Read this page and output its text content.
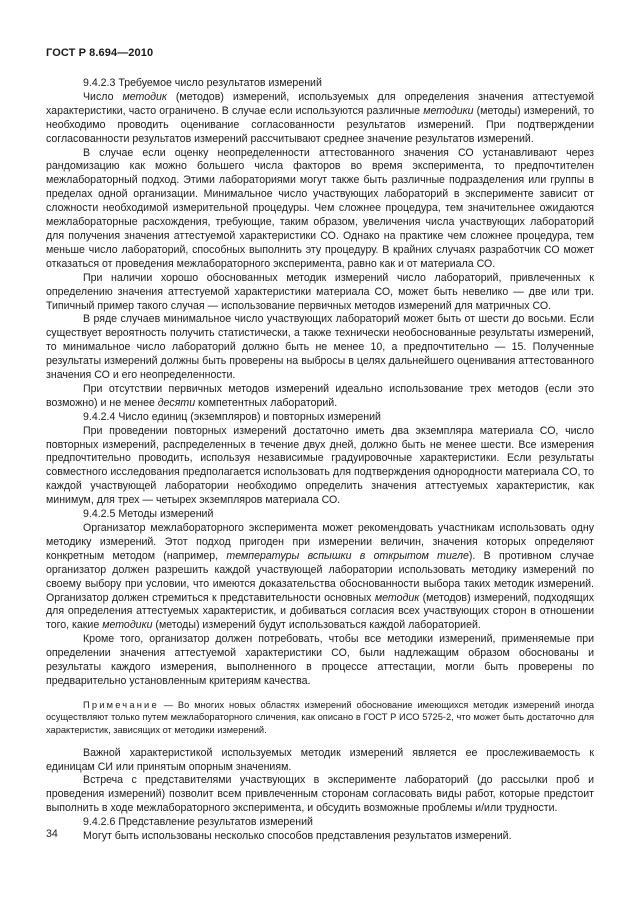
ГОСТ Р 8.694—2010
9.4.2.3 Требуемое число результатов измерений

Число методик (методов) измерений, используемых для определения значения аттестуемой характеристики, часто ограничено. В случае если используются различные методики (методы) измерений, то необходимо проводить оценивание согласованности результатов измерений. При подтверждении согласованности результатов измерений рассчитывают среднее значение результатов измерений.

В случае если оценку неопределенности аттестованного значения СО устанавливают через рандомизацию как можно большего числа факторов во время эксперимента, то предпочтителен межлабораторный подход. Этими лабораториями могут также быть различные подразделения или группы в пределах одной организации. Минимальное число участвующих лабораторий в эксперименте зависит от сложности необходимой измерительной процедуры. Чем сложнее процедура, тем значительнее ожидаются межлабораторные расхождения, требующие, таким образом, увеличения числа участвующих лабораторий для получения значения аттестуемой характеристики СО. Однако на практике чем сложнее процедура, тем меньше число лабораторий, способных выполнить эту процедуру. В крайних случаях разработчик СО может отказаться от проведения межлабораторного эксперимента, равно как и от материала СО.

При наличии хорошо обоснованных методик измерений число лабораторий, привлеченных к определению значения аттестуемой характеристики материала СО, может быть невелико — две или три. Типичный пример такого случая — использование первичных методов измерений для матричных СО.

В ряде случаев минимальное число участвующих лабораторий может быть от шести до восьми. Если существует вероятность получить статистически, а также технически необоснованные результаты измерений, то минимальное число лабораторий должно быть не менее 10, а предпочтительно — 15. Полученные результаты измерений должны быть проверены на выбросы в целях дальнейшего оценивания аттестованного значения СО и его неопределенности.

При отсутствии первичных методов измерений идеально использование трех методов (если это возможно) и не менее десяти компетентных лабораторий.

9.4.2.4 Число единиц (экземпляров) и повторных измерений

При проведении повторных измерений достаточно иметь два экземпляра материала СО, число повторных измерений, распределенных в течение двух дней, должно быть не менее шести. Все измерения предпочтительно проводить, используя независимые градуировочные характеристики. Если результаты совместного исследования предполагается использовать для подтверждения однородности материала СО, то каждой участвующей лаборатории необходимо определить значения аттестуемых характеристик, как минимум, для трех — четырех экземпляров материала СО.

9.4.2.5 Методы измерений

Организатор межлабораторного эксперимента может рекомендовать участникам использовать одну методику измерений. Этот подход пригоден при измерении величин, значения которых определяют конкретным методом (например, температуры вспышки в открытом тигле). В противном случае организатор должен разрешить каждой участвующей лаборатории использовать методику измерений по своему выбору при условии, что имеются доказательства обоснованности выбора таких методик измерений. Организатор должен стремиться к представительности основных методик (методов) измерений, подходящих для определения аттестуемых характеристик, и добиваться согласия всех участвующих сторон в отношении того, какие методики (методы) измерений будут использоваться каждой лабораторией.

Кроме того, организатор должен потребовать, чтобы все методики измерений, применяемые при определении значения аттестуемой характеристики СО, были надлежащим образом обоснованы и результаты каждого измерения, выполненного в процессе аттестации, могли быть проверены по предварительно установленным критериям качества.

Примечание — Во многих новых областях измерений обоснование имеющихся методик измерений иногда осуществляют только путем межлабораторного сличения, как описано в ГОСТ Р ИСО 5725-2, что может быть достаточно для характеристик, зависящих от методики измерений.

Важной характеристикой используемых методик измерений является ее прослеживаемость к единицам СИ или принятым опорным значениям.

Встреча с представителями участвующих в эксперименте лабораторий (до рассылки проб и проведения измерений) позволит всем привлеченным сторонам согласовать виды работ, которые предстоит выполнить в ходе межлабораторного эксперимента, и обсудить возможные проблемы и/или трудности.

9.4.2.6 Представление результатов измерений

Могут быть использованы несколько способов представления результатов измерений.

34
